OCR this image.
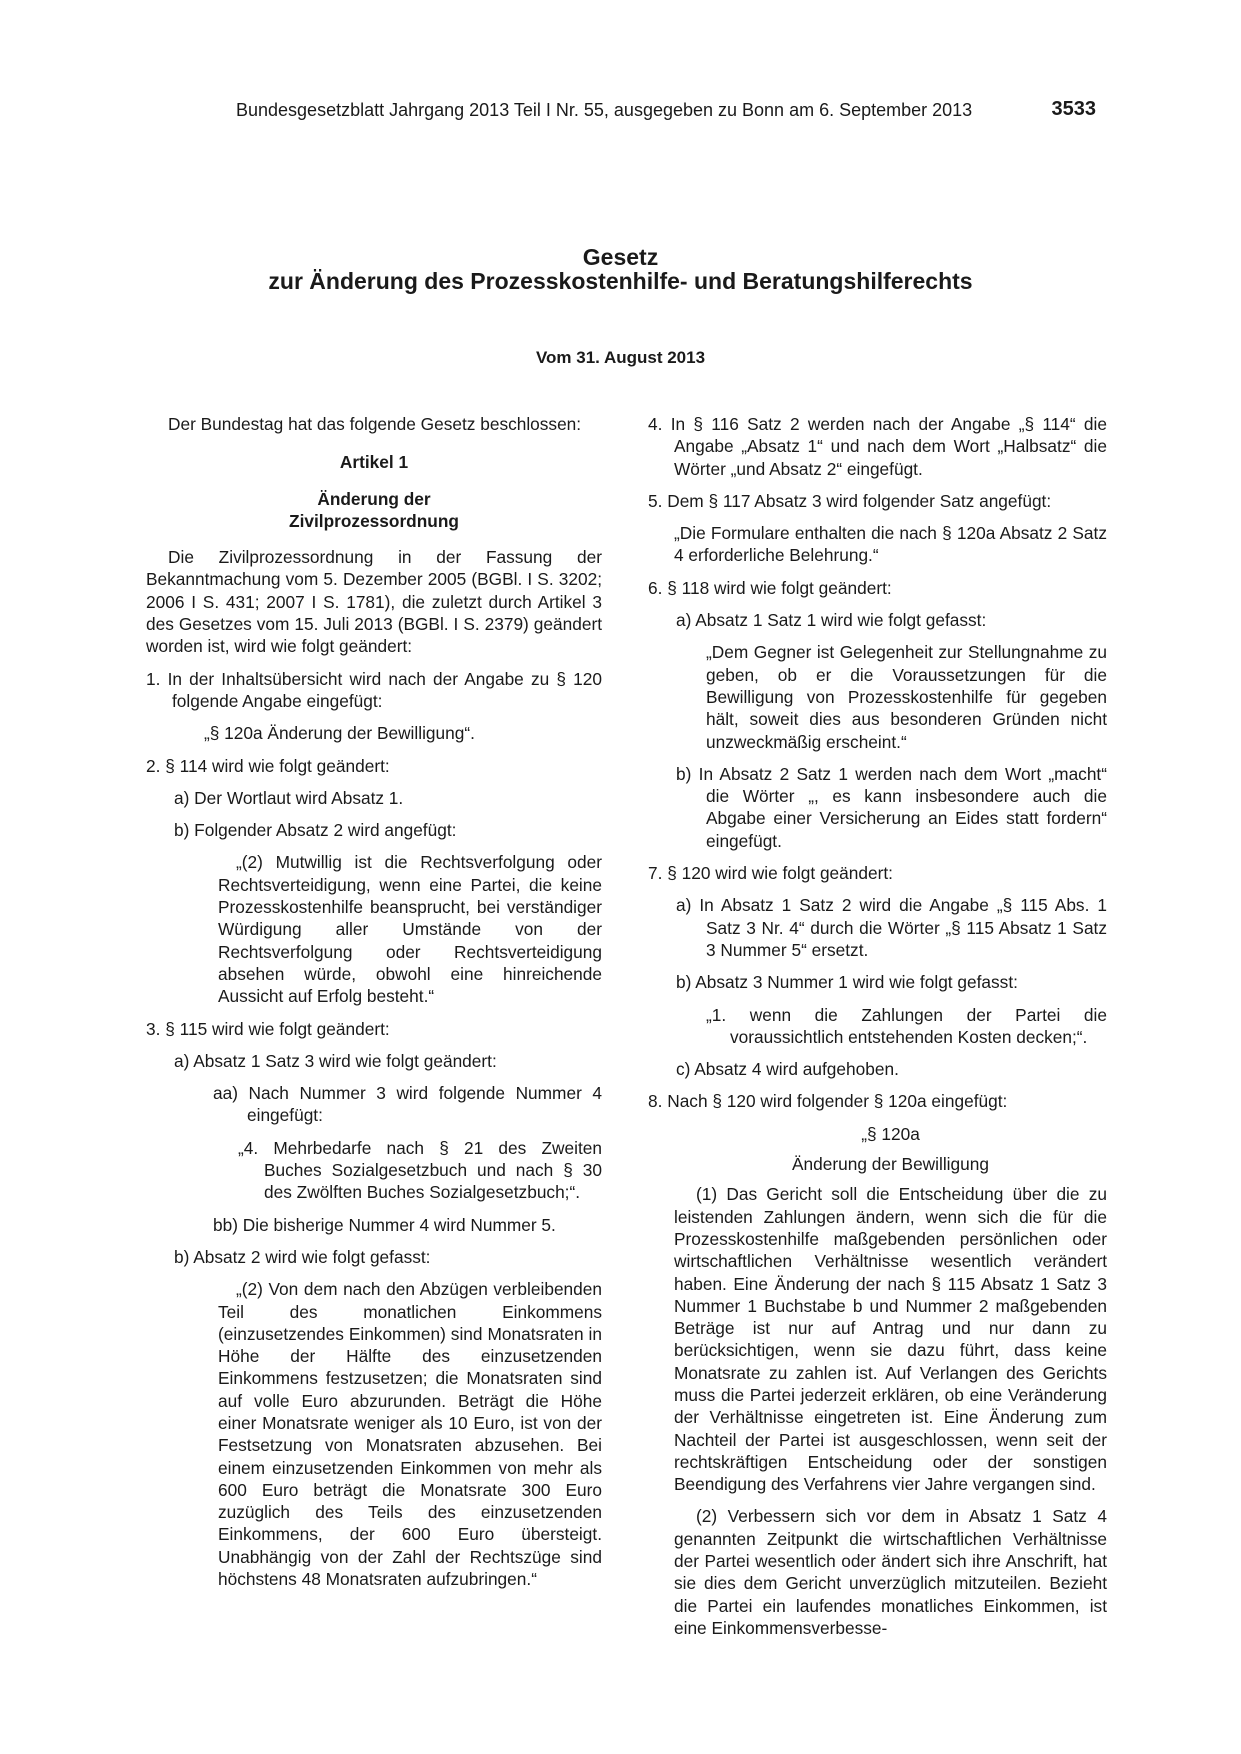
Bundesgesetzblatt Jahrgang 2013 Teil I Nr. 55, ausgegeben zu Bonn am 6. September 2013	3533
Gesetz
zur Änderung des Prozesskostenhilfe- und Beratungshilferechts
Vom 31. August 2013

Der Bundestag hat das folgende Gesetz beschlossen:

Artikel 1

Änderung der

Zivilprozessordnung

Die Zivilprozessordnung in der Fassung der Bekanntmachung vom 5. Dezember 2005 (BGBl. I S. 3202; 2006 I S. 431; 2007 I S. 1781), die zuletzt durch Artikel 3 des Gesetzes vom 15. Juli 2013 (BGBl. I S. 2379) geändert worden ist, wird wie folgt geändert:

1. In der Inhaltsübersicht wird nach der Angabe zu § 120 folgende Angabe eingefügt:

„§ 120a Änderung der Bewilligung“.

2. § 114 wird wie folgt geändert:

a) Der Wortlaut wird Absatz 1.

b) Folgender Absatz 2 wird angefügt:

„(2) Mutwillig ist die Rechtsverfolgung oder Rechtsverteidigung, wenn eine Partei, die keine Prozesskostenhilfe beansprucht, bei verständiger Würdigung aller Umstände von der Rechtsverfolgung oder Rechtsverteidigung absehen würde, obwohl eine hinreichende Aussicht auf Erfolg besteht.“

3. § 115 wird wie folgt geändert:

a) Absatz 1 Satz 3 wird wie folgt geändert:

aa) Nach Nummer 3 wird folgende Nummer 4 eingefügt:

„4. Mehrbedarfe nach § 21 des Zweiten Buches Sozialgesetzbuch und nach § 30 des Zwölften Buches Sozialgesetzbuch;“.

bb) Die bisherige Nummer 4 wird Nummer 5.

b) Absatz 2 wird wie folgt gefasst:

„(2) Von dem nach den Abzügen verbleibenden Teil des monatlichen Einkommens (einzusetzendes Einkommen) sind Monatsraten in Höhe der Hälfte des einzusetzenden Einkommens festzusetzen; die Monatsraten sind auf volle Euro abzurunden. Beträgt die Höhe einer Monatsrate weniger als 10 Euro, ist von der Festsetzung von Monatsraten abzusehen. Bei einem einzusetzenden Einkommen von mehr als 600 Euro beträgt die Monatsrate 300 Euro zuzüglich des Teils des einzusetzenden Einkommens, der 600 Euro übersteigt. Unabhängig von der Zahl der Rechtszüge sind höchstens 48 Monatsraten aufzubringen.“

4. In § 116 Satz 2 werden nach der Angabe „§ 114“ die Angabe „Absatz 1“ und nach dem Wort „Halbsatz“ die Wörter „und Absatz 2“ eingefügt.

5. Dem § 117 Absatz 3 wird folgender Satz angefügt:

„Die Formulare enthalten die nach § 120a Absatz 2 Satz 4 erforderliche Belehrung.“

6. § 118 wird wie folgt geändert:

a) Absatz 1 Satz 1 wird wie folgt gefasst:

„Dem Gegner ist Gelegenheit zur Stellungnahme zu geben, ob er die Voraussetzungen für die Bewilligung von Prozesskostenhilfe für gegeben hält, soweit dies aus besonderen Gründen nicht unzweckmäßig erscheint.“

b) In Absatz 2 Satz 1 werden nach dem Wort „macht“ die Wörter „, es kann insbesondere auch die Abgabe einer Versicherung an Eides statt fordern“ eingefügt.

7. § 120 wird wie folgt geändert:

a) In Absatz 1 Satz 2 wird die Angabe „§ 115 Abs. 1 Satz 3 Nr. 4“ durch die Wörter „§ 115 Absatz 1 Satz 3 Nummer 5“ ersetzt.

b) Absatz 3 Nummer 1 wird wie folgt gefasst:

„1. wenn die Zahlungen der Partei die voraussichtlich entstehenden Kosten decken;“.

c) Absatz 4 wird aufgehoben.

8. Nach § 120 wird folgender § 120a eingefügt:

„§ 120a

Änderung der Bewilligung

(1) Das Gericht soll die Entscheidung über die zu leistenden Zahlungen ändern, wenn sich die für die Prozesskostenhilfe maßgebenden persönlichen oder wirtschaftlichen Verhältnisse wesentlich verändert haben. Eine Änderung der nach § 115 Absatz 1 Satz 3 Nummer 1 Buchstabe b und Nummer 2 maßgebenden Beträge ist nur auf Antrag und nur dann zu berücksichtigen, wenn sie dazu führt, dass keine Monatsrate zu zahlen ist. Auf Verlangen des Gerichts muss die Partei jederzeit erklären, ob eine Veränderung der Verhältnisse eingetreten ist. Eine Änderung zum Nachteil der Partei ist ausgeschlossen, wenn seit der rechtskräftigen Entscheidung oder der sonstigen Beendigung des Verfahrens vier Jahre vergangen sind.

(2) Verbessern sich vor dem in Absatz 1 Satz 4 genannten Zeitpunkt die wirtschaftlichen Verhältnisse der Partei wesentlich oder ändert sich ihre Anschrift, hat sie dies dem Gericht unverzüglich mitzuteilen. Bezieht die Partei ein laufendes monatliches Einkommen, ist eine Einkommensverbesse-
